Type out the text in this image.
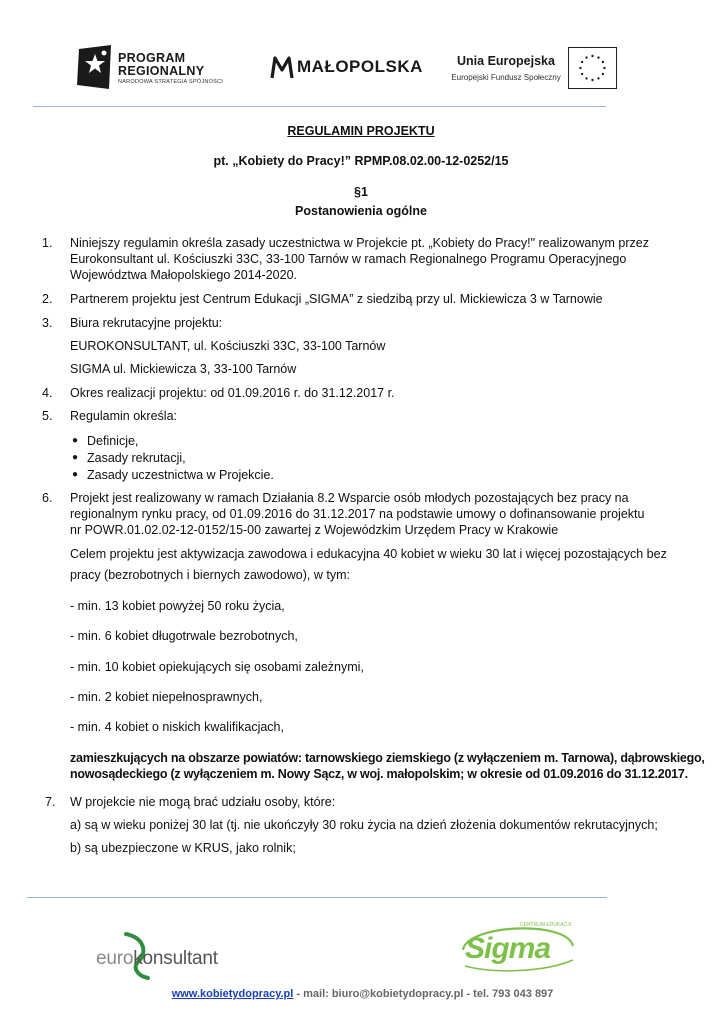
PROGRAM
REGIONALNY
NARODOWA STRATEGIA SPÓJNOŚCI
MAŁOPOLSKA	Unia Europejska
Europejski Fundusz Społeczny
REGULAMIN PROJEKTU
pt. „Kobiety do Pracy!” RPMP.08.02.00-12-0252/15
§1
Postanowienia ogólne
1. Niniejszy regulamin określa zasady uczestnictwa w Projekcie pt. „Kobiety do Pracy!" realizowanym przez
Eurokonsultant ul. Kościuszki 33C, 33-100 Tarnów w ramach Regionalnego Programu Operacyjnego
Województwa Małopolskiego 2014-2020.
2. Partnerem projektu jest Centrum Edukacji „SIGMA” z siedzibą przy ul. Mickiewicza 3 w Tarnowie
3. Biura rekrutacyjne projektu:
EUROKONSULTANT, ul. Kościuszki 33C, 33-100 Tarnów
SIGMA ul. Mickiewicza 3, 33-100 Tarnów
4. Okres realizacji projektu: od 01.09.2016 r. do 31.12.2017 r.
5. Regulamin określa:
● Definicje,
● Zasady rekrutacji,
● Zasady uczestnictwa w Projekcie.
6. Projekt jest realizowany w ramach Działania 8.2 Wsparcie osób młodych pozostających bez pracy na
regionalnym rynku pracy, od 01.09.2016 do 31.12.2017 na podstawie umowy o dofinansowanie projektu
nr POWR.01.02.02-12-0152/15-00 zawartej z Wojewódzkim Urzędem Pracy w Krakowie
Celem projektu jest aktywizacja zawodowa i edukacyjna 40 kobiet w wieku 30 lat i więcej pozostających bez
pracy (bezrobotnych i biernych zawodowo), w tym:
- min. 13 kobiet powyżej 50 roku życia,
- min. 6 kobiet długotrwale bezrobotnych,
- min. 10 kobiet opiekujących się osobami zależnymi,
- min. 2 kobiet niepełnosprawnych,
- min. 4 kobiet o niskich kwalifikacjach,
zamieszkujących na obszarze powiatów: tarnowskiego ziemskiego (z wyłączeniem m. Tarnowa), dąbrowskiego,
nowosądeckiego (z wyłączeniem m. Nowy Sącz, w woj. małopolskim; w okresie od 01.09.2016 do 31.12.2017.
7. W projekcie nie mogą brać udziału osoby, które:
a) są w wieku poniżej 30 lat (tj. nie ukończyły 30 roku życia na dzień złożenia dokumentów rekrutacyjnych;
b) są ubezpieczone w KRUS, jako rolnik;
eurokonsultant
CENTRUM EDUKACJI
Sigma
www.kobietydopracy.pl - mail: biuro@kobietydopracy.pl - tel. 793 043 897
